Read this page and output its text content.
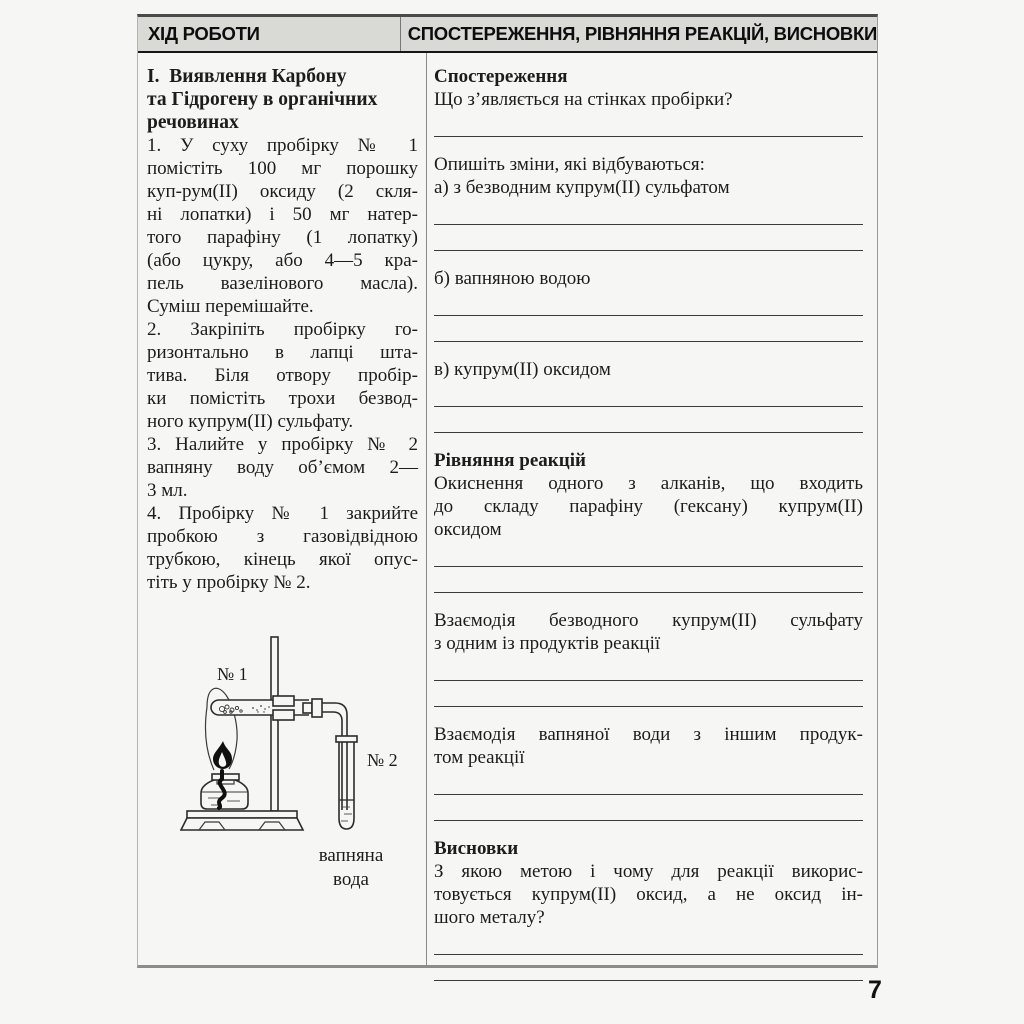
ХІД РОБОТИ	СПОСТЕРЕЖЕННЯ, РІВНЯННЯ РЕАКЦІЙ, ВИСНОВКИ
І.  Виявлення Карбону
та Гідрогену в органічних
речовинах
1. У суху пробірку № 1
помістіть 100 мг порошку
куп-рум(ІІ) оксиду (2 скля-
ні лопатки) і 50 мг натер-
того парафіну (1 лопатку)
(або цукру, або 4—5 кра-
пель вазелінового масла).
Суміш перемішайте.
2. Закріпіть пробірку го-
ризонтально в лапці шта-
тива. Біля отвору пробір-
ки помістіть трохи безвод-
ного купрум(ІІ) сульфату.
3. Налийте у пробірку № 2
вапняну воду об’ємом 2—
3 мл.
4. Пробірку № 1 закрийте
пробкою з газовідвідною
трубкою, кінець якої опус-
тіть у пробірку № 2.
№ 1
№ 2
вапняна
вода
Спостереження
Що з’являється на стінках пробірки?
Опишіть зміни, які відбуваються:
а) з безводним купрум(ІІ) сульфатом
б) вапняною водою
в) купрум(ІІ) оксидом
Рівняння реакцій
Окиснення одного з алканів, що входить
до складу парафіну (гексану) купрум(ІІ)
оксидом
Взаємодія безводного купрум(ІІ) сульфату
з одним із продуктів реакції
Взаємодія вапняної води з іншим продук-
том реакції
Висновки
З якою метою і чому для реакції викорис-
товується купрум(ІІ) оксид, а не оксид ін-
шого металу?
7
